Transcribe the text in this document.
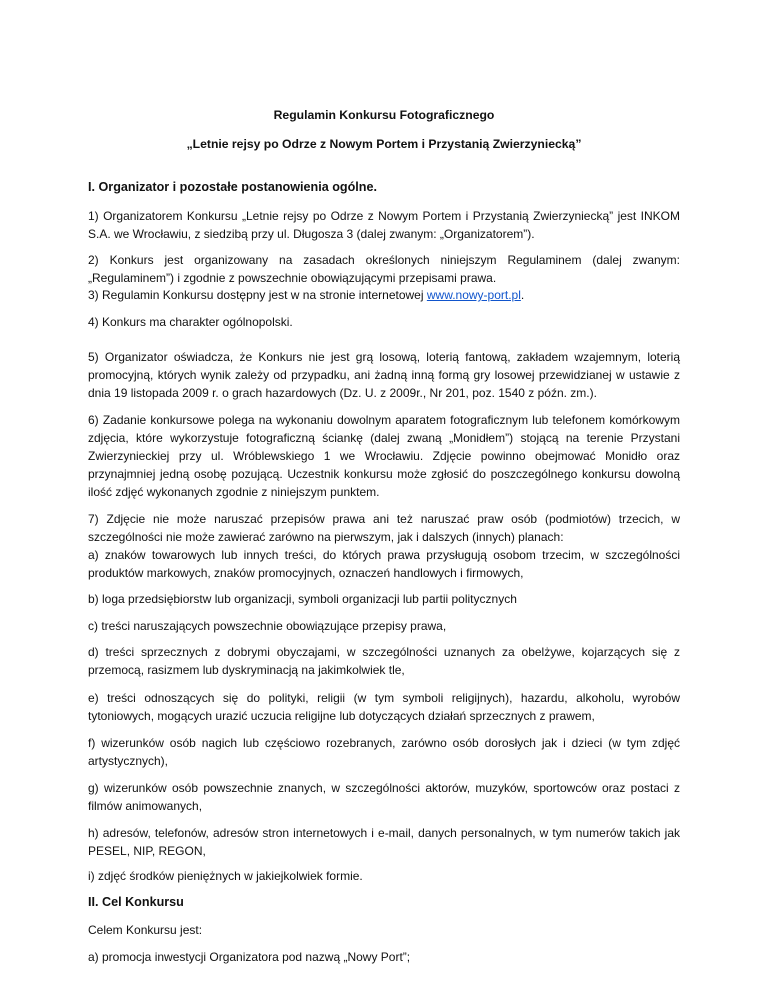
Regulamin Konkursu Fotograficznego

„Letnie rejsy po Odrze z Nowym Portem i Przystanią Zwierzyniecką”

I. Organizator i pozostałe postanowienia ogólne.

1) Organizatorem Konkursu „Letnie rejsy po Odrze z Nowym Portem i Przystanią Zwierzyniecką” jest INKOM S.A. we Wrocławiu, z siedzibą przy ul. Długosza 3 (dalej zwanym: „Organizatorem”).

2) Konkurs jest organizowany na zasadach określonych niniejszym Regulaminem (dalej zwanym: „Regulaminem”) i zgodnie z powszechnie obowiązującymi przepisami prawa.

3) Regulamin Konkursu dostępny jest w na stronie internetowej www.nowy-port.pl.

4) Konkurs ma charakter ogólnopolski.

5) Organizator oświadcza, że Konkurs nie jest grą losową, loterią fantową, zakładem wzajemnym, loterią promocyjną, których wynik zależy od przypadku, ani żadną inną formą gry losowej przewidzianej w ustawie z dnia 19 listopada 2009 r. o grach hazardowych (Dz. U. z 2009r., Nr 201, poz. 1540 z późn. zm.).

6) Zadanie konkursowe polega na wykonaniu dowolnym aparatem fotograficznym lub telefonem komórkowym zdjęcia, które wykorzystuje fotograficzną ściankę (dalej zwaną „Monidłem”) stojącą na terenie Przystani Zwierzynieckiej przy ul. Wróblewskiego 1 we Wrocławiu. Zdjęcie powinno obejmować Monidło oraz przynajmniej jedną osobę pozującą. Uczestnik konkursu może zgłosić do poszczególnego konkursu dowolną ilość zdjęć wykonanych zgodnie z niniejszym punktem.

7) Zdjęcie nie może naruszać przepisów prawa ani też naruszać praw osób (podmiotów) trzecich, w szczególności nie może zawierać zarówno na pierwszym, jak i dalszych (innych) planach:

a) znaków towarowych lub innych treści, do których prawa przysługują osobom trzecim, w szczególności produktów markowych, znaków promocyjnych, oznaczeń handlowych i firmowych,

b) loga przedsiębiorstw lub organizacji, symboli organizacji lub partii politycznych

c) treści naruszających powszechnie obowiązujące przepisy prawa,

d) treści sprzecznych z dobrymi obyczajami, w szczególności uznanych za obelżywe, kojarzących się z przemocą, rasizmem lub dyskryminacją na jakimkolwiek tle,

e) treści odnoszących się do polityki, religii (w tym symboli religijnych), hazardu, alkoholu, wyrobów tytoniowych, mogących urazić uczucia religijne lub dotyczących działań sprzecznych z prawem,

f) wizerunków osób nagich lub częściowo rozebranych, zarówno osób dorosłych jak i dzieci (w tym zdjęć artystycznych),

g) wizerunków osób powszechnie znanych, w szczególności aktorów, muzyków, sportowców oraz postaci z filmów animowanych,

h) adresów, telefonów, adresów stron internetowych i e-mail, danych personalnych, w tym numerów takich jak PESEL, NIP, REGON,

i) zdjęć środków pieniężnych w jakiejkolwiek formie.

II. Cel Konkursu

Celem Konkursu jest:

a) promocja inwestycji Organizatora pod nazwą „Nowy Port”;
